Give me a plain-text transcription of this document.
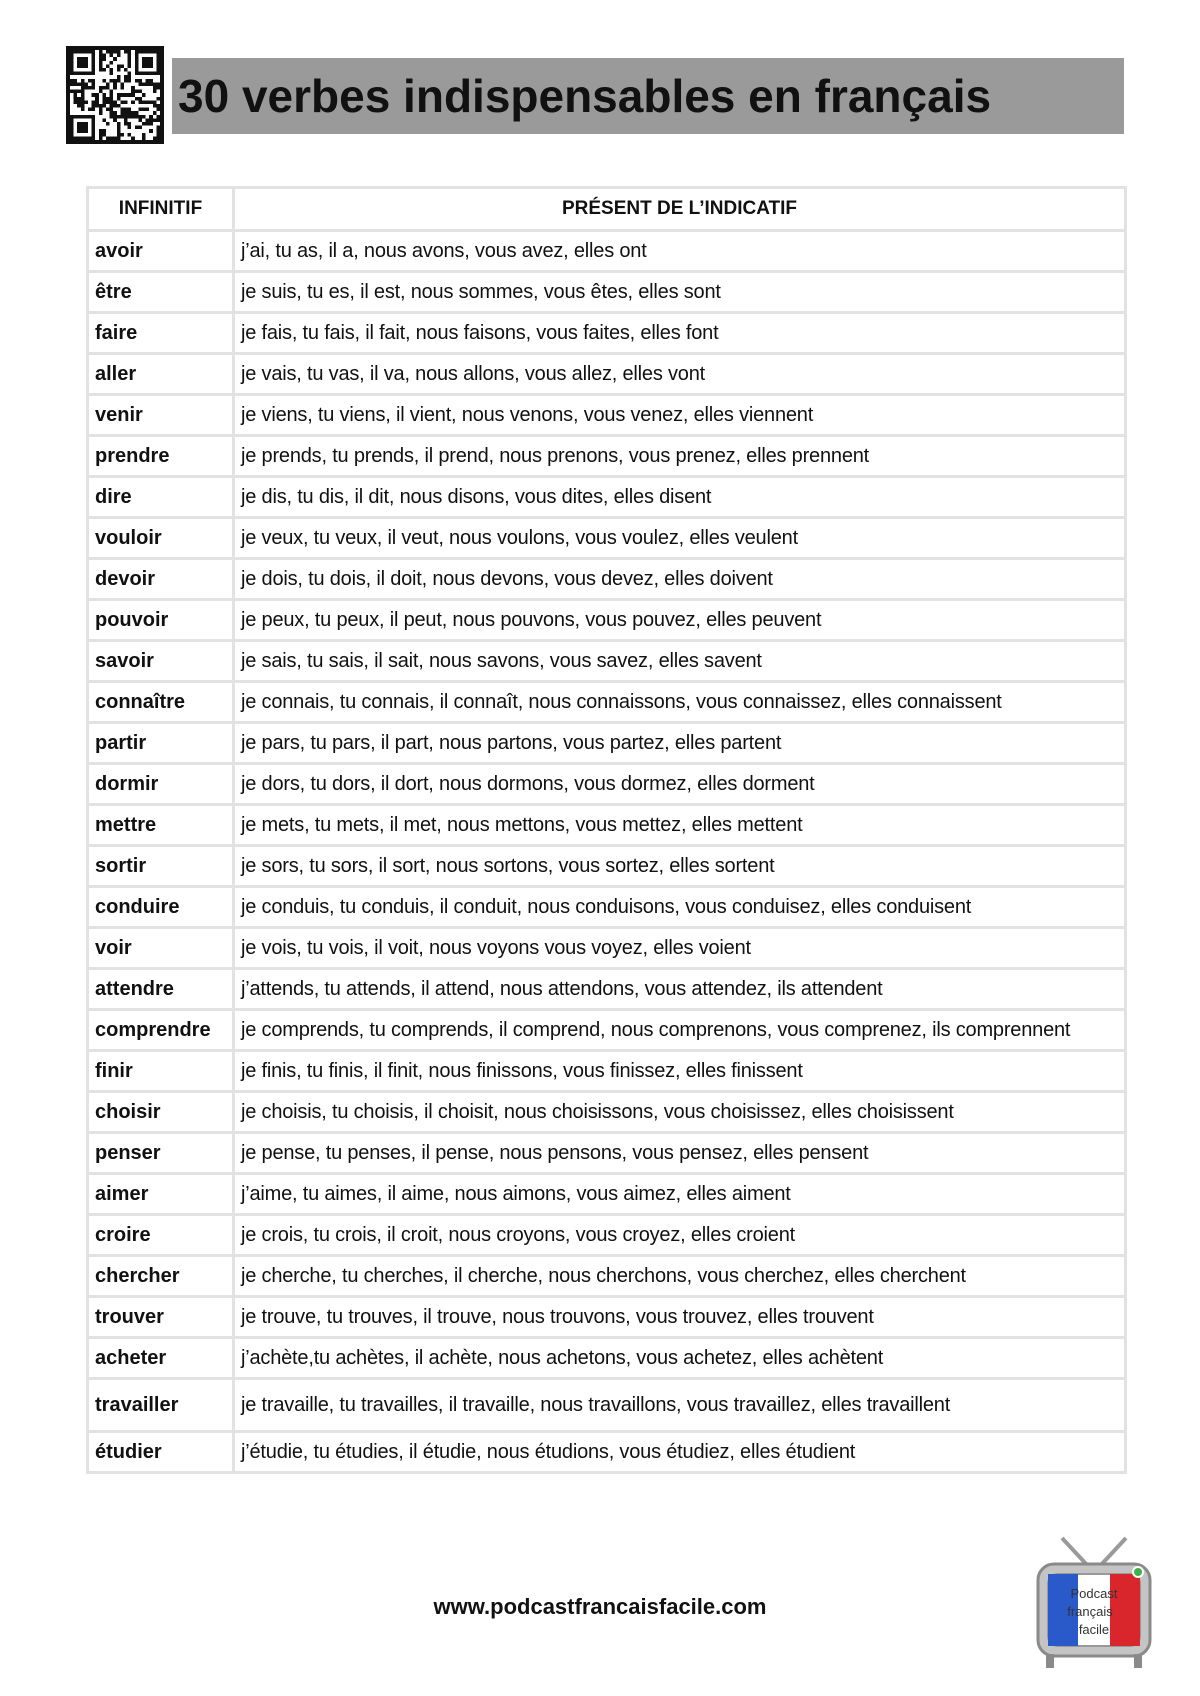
30 verbes indispensables en français
INFINITIF	PRÉSENT DE L’INDICATIF
avoir	j’ai, tu as, il a, nous avons, vous avez, elles ont
être	je suis, tu es, il est, nous sommes, vous êtes, elles sont
faire	je fais, tu fais, il fait, nous faisons, vous faites, elles font
aller	je vais, tu vas, il va, nous allons, vous allez, elles vont
venir	je viens, tu viens, il vient, nous venons, vous venez, elles viennent
prendre	je prends, tu prends, il prend, nous prenons, vous prenez, elles prennent
dire	je dis, tu dis, il dit, nous disons, vous dites, elles disent
vouloir	je veux, tu veux, il veut, nous voulons, vous voulez, elles veulent
devoir	je dois, tu dois, il doit, nous devons, vous devez, elles doivent
pouvoir	je peux, tu peux, il peut, nous pouvons, vous pouvez, elles peuvent
savoir	je sais, tu sais, il sait, nous savons, vous savez, elles savent
connaître	je connais, tu connais, il connaît, nous connaissons, vous connaissez, elles connaissent
partir	je pars, tu pars, il part, nous partons, vous partez, elles partent
dormir	je dors, tu dors, il dort, nous dormons, vous dormez, elles dorment
mettre	je mets, tu mets, il met, nous mettons, vous mettez, elles mettent
sortir	je sors, tu sors, il sort, nous sortons, vous sortez, elles sortent
conduire	je conduis, tu conduis, il conduit, nous conduisons, vous conduisez, elles conduisent
voir	je vois, tu vois, il voit, nous voyons vous voyez, elles voient
attendre	j’attends, tu attends, il attend, nous attendons, vous attendez, ils attendent
comprendre	je comprends, tu comprends, il comprend, nous comprenons, vous comprenez, ils comprennent
finir	je finis, tu finis, il finit, nous finissons, vous finissez, elles finissent
choisir	je choisis, tu choisis, il choisit, nous choisissons, vous choisissez, elles choisissent
penser	je pense, tu penses, il pense, nous pensons, vous pensez, elles pensent
aimer	j’aime, tu aimes, il aime, nous aimons, vous aimez, elles aiment
croire	je crois, tu crois, il croit, nous croyons, vous croyez, elles croient
chercher	je cherche, tu cherches, il cherche, nous cherchons, vous cherchez, elles cherchent
trouver	je trouve, tu trouves, il trouve, nous trouvons, vous trouvez, elles trouvent
acheter	j’achète,tu achètes, il achète, nous achetons, vous achetez, elles achètent
travailler	je travaille, tu travailles, il travaille, nous travaillons, vous travaillez, elles travaillent
étudier	j’étudie, tu étudies, il étudie, nous étudions, vous étudiez, elles étudient
www.podcastfrancaisfacile.com
Podcast
français
facile
